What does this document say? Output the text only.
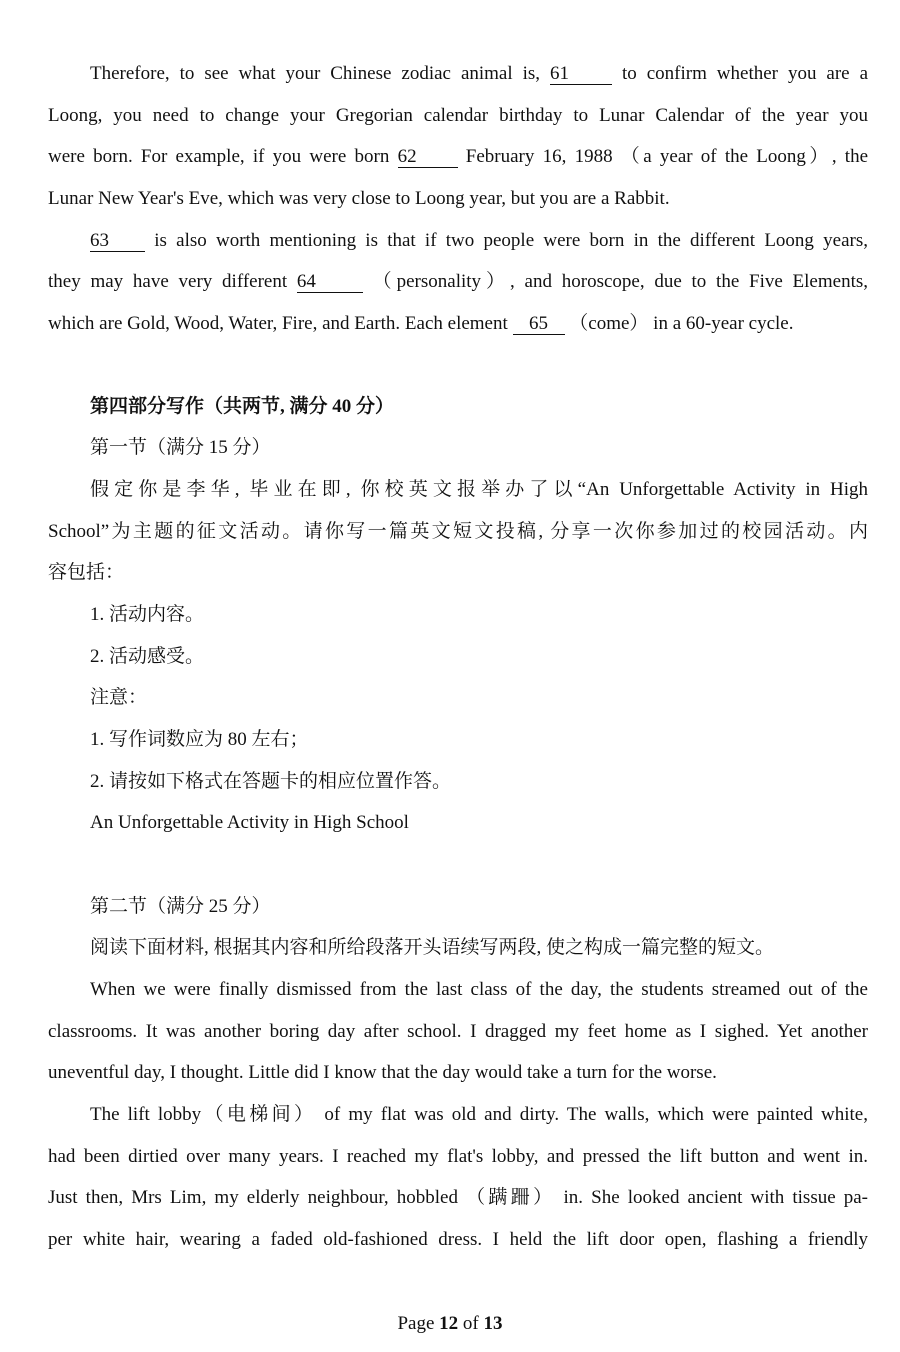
Therefore, to see what your Chinese zodiac animal is, 61 to confirm whether you are a
Loong, you need to change your Gregorian calendar birthday to Lunar Calendar of the year you
were born. For example, if you were born 62 February 16, 1988 （a year of the Loong）, the
Lunar New Year's Eve, which was very close to Loong year, but you are a Rabbit.
63 is also worth mentioning is that if two people were born in the different Loong years,
they may have very different 64 （personality）, and horoscope, due to the Five Elements,
which are Gold, Wood, Water, Fire, and Earth. Each element 65 （come） in a 60-year cycle.
第四部分写作（共两节, 满分 40 分）
第一节（满分 15 分）
假定你是李华, 毕业在即, 你校英文报举办了以“An Unforgettable Activity in High
School”为主题的征文活动。请你写一篇英文短文投稿, 分享一次你参加过的校园活动。内
容包括：
1. 活动内容。
2. 活动感受。
注意：
1. 写作词数应为 80 左右；
2. 请按如下格式在答题卡的相应位置作答。
An Unforgettable Activity in High School
第二节（满分 25 分）
阅读下面材料, 根据其内容和所给段落开头语续写两段, 使之构成一篇完整的短文。
When we were finally dismissed from the last class of the day, the students streamed out of the
classrooms. It was another boring day after school. I dragged my feet home as I sighed. Yet another
uneventful day, I thought. Little did I know that the day would take a turn for the worse.
The lift lobby（电梯间） of my flat was old and dirty. The walls, which were painted white,
had been dirtied over many years. I reached my flat's lobby, and pressed the lift button and went in.
Just then, Mrs Lim, my elderly neighbour, hobbled （蹒跚） in. She looked ancient with tissue pa-
per white hair, wearing a faded old-fashioned dress. I held the lift door open, flashing a friendly
Page 12 of 13
